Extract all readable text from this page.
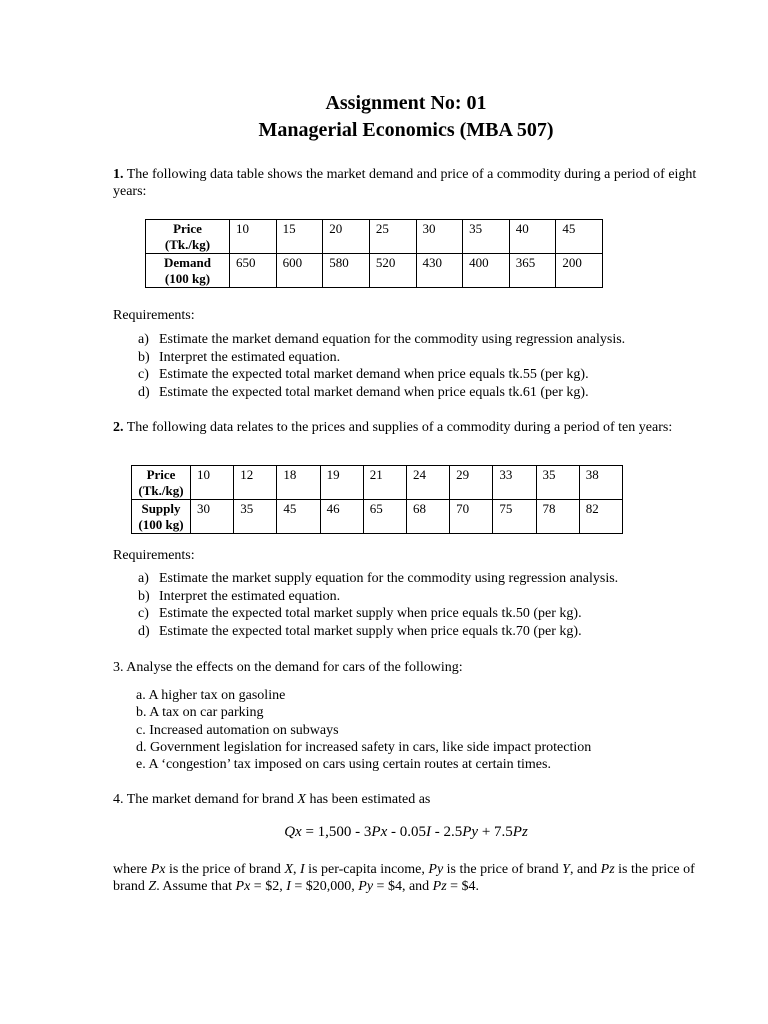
Assignment No: 01
Managerial Economics (MBA 507)
1. The following data table shows the market demand and price of a commodity during a period of eight years:
Price
(Tk./kg)	10	15	20	25	30	35	40	45
Demand
(100 kg)	650	600	580	520	430	400	365	200
Requirements:
a) Estimate the market demand equation for the commodity using regression analysis.
b) Interpret the estimated equation.
c) Estimate the expected total market demand when price equals tk.55 (per kg).
d) Estimate the expected total market demand when price equals tk.61 (per kg).
2. The following data relates to the prices and supplies of a commodity during a period of ten years:
Price
(Tk./kg)	10	12	18	19	21	24	29	33	35	38
Supply
(100 kg)	30	35	45	46	65	68	70	75	78	82
Requirements:
a) Estimate the market supply equation for the commodity using regression analysis.
b) Interpret the estimated equation.
c) Estimate the expected total market supply when price equals tk.50 (per kg).
d) Estimate the expected total market supply when price equals tk.70 (per kg).
3. Analyse the effects on the demand for cars of the following:
a. A higher tax on gasoline
b. A tax on car parking
c. Increased automation on subways
d. Government legislation for increased safety in cars, like side impact protection
e. A ‘congestion’ tax imposed on cars using certain routes at certain times.
4. The market demand for brand X has been estimated as
Qx = 1,500 - 3Px - 0.05I - 2.5Py + 7.5Pz
where Px is the price of brand X, I is per-capita income, Py is the price of brand Y, and Pz is the price of brand Z. Assume that Px = $2, I = $20,000, Py = $4, and Pz = $4.
